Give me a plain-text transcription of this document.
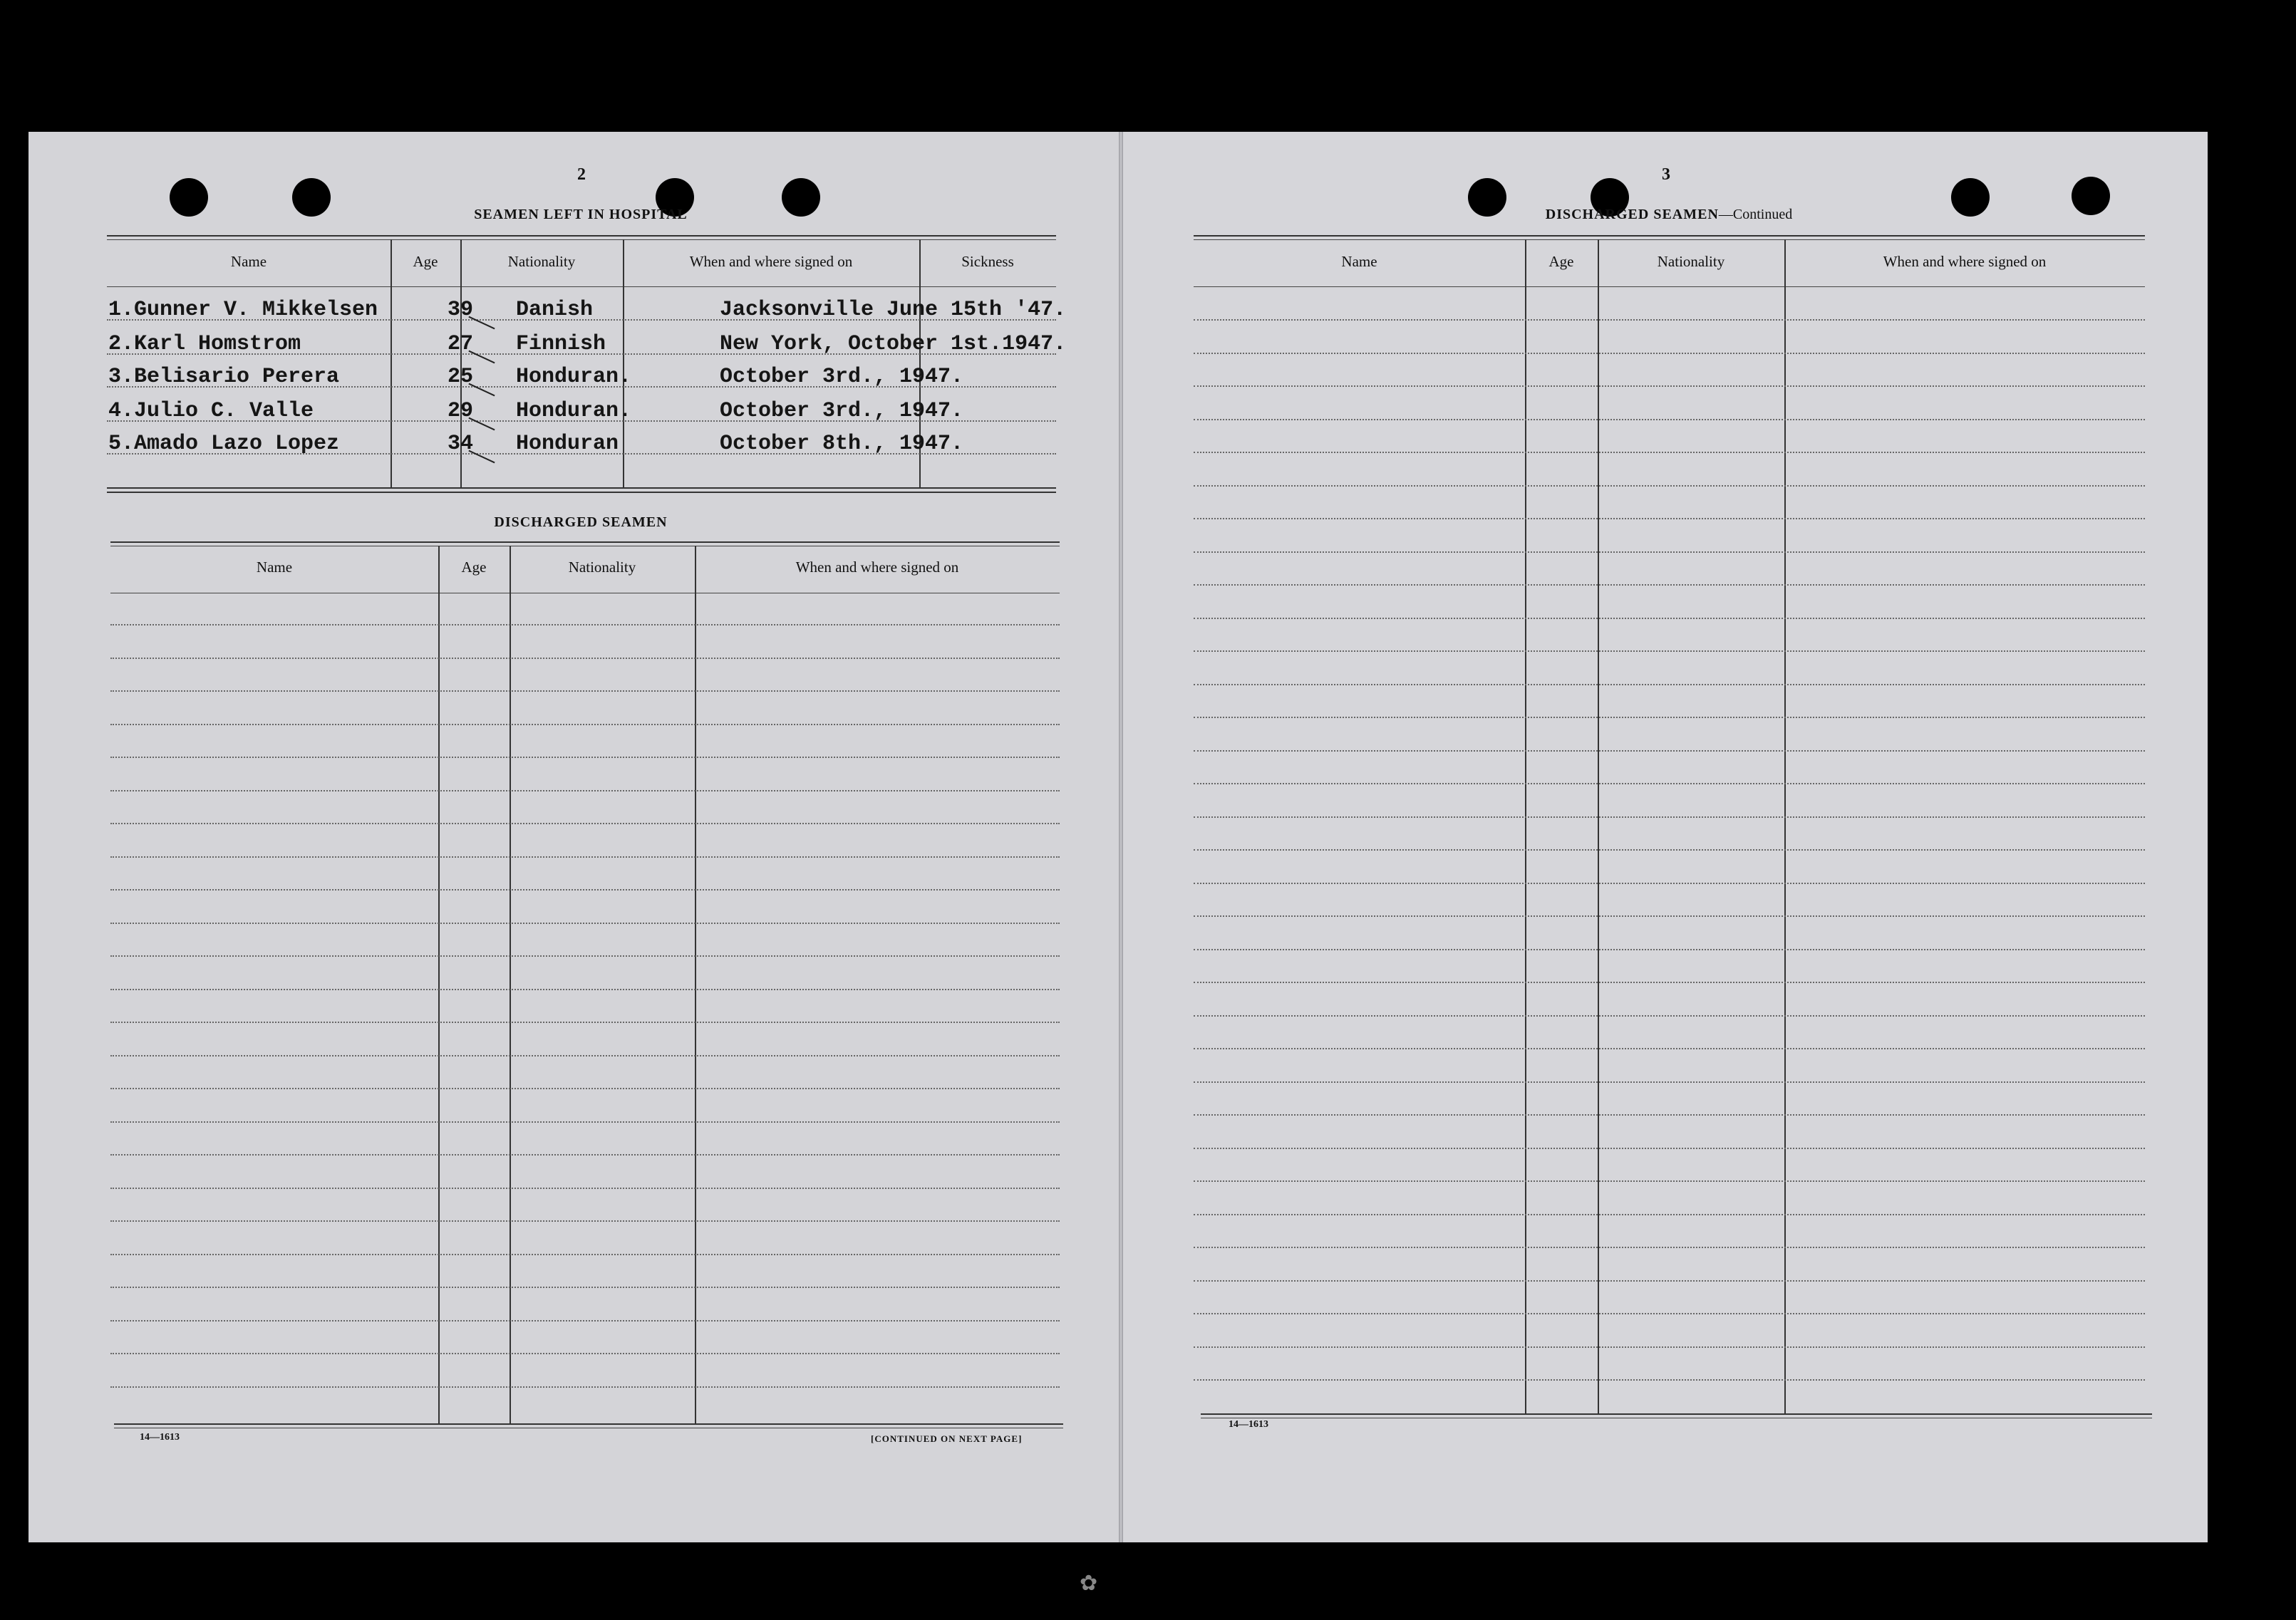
2
SEAMEN LEFT IN HOSPITAL
Name	Age	Nationality	When and where signed on	Sickness
1.Gunner V. Mikkelsen	39 Danish	Jacksonville June 15th '47.
2.Karl Homstrom	27 Finnish	New York, October 1st.1947.
3.Belisario Perera	25 Honduran.	October 3rd., 1947.
4.Julio C. Valle	29 Honduran.	October 3rd., 1947.
5.Amado Lazo Lopez	34 Honduran	October 8th., 1947.
DISCHARGED SEAMEN
Name	Age	Nationality	When and where signed on
14—1613	[CONTINUED ON NEXT PAGE]
3
DISCHARGED SEAMEN—Continued
Name	Age	Nationality	When and where signed on
14—1613
✿
